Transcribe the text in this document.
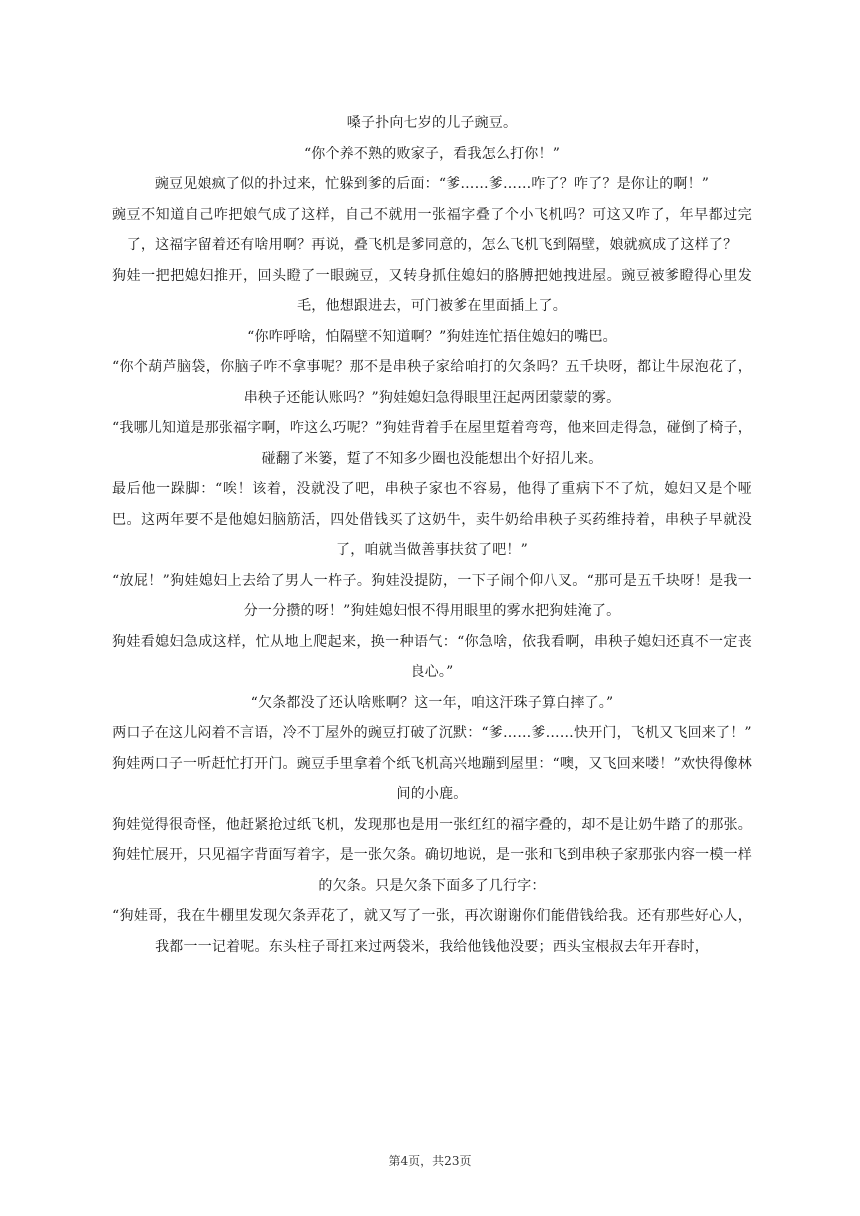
嗓子扑向七岁的儿子豌豆。

“你个养不熟的败家子，看我怎么打你！”

豌豆见娘疯了似的扑过来，忙躲到爹的后面：“爹……爹……咋了？咋了？是你让的啊！”

豌豆不知道自己咋把娘气成了这样，自己不就用一张福字叠了个小飞机吗？可这又咋了，年早都过完了，这福字留着还有啥用啊？再说，叠飞机是爹同意的，怎么飞机飞到隔壁，娘就疯成了这样了？

狗娃一把把媳妇推开，回头瞪了一眼豌豆，又转身抓住媳妇的胳膊把她拽进屋。豌豆被爹瞪得心里发毛，他想跟进去，可门被爹在里面插上了。

“你咋呼啥，怕隔壁不知道啊？”狗娃连忙捂住媳妇的嘴巴。

“你个葫芦脑袋，你脑子咋不拿事呢？那不是串秧子家给咱打的欠条吗？五千块呀，都让牛尿泡花了，串秧子还能认账吗？”狗娃媳妇急得眼里汪起两团蒙蒙的雾。

“我哪儿知道是那张福字啊，咋这么巧呢？”狗娃背着手在屋里踅着弯弯，他来回走得急，碰倒了椅子，碰翻了米篓，踅了不知多少圈也没能想出个好招儿来。

最后他一跺脚：“唉！该着，没就没了吧，串秧子家也不容易，他得了重病下不了炕，媳妇又是个哑巴。这两年要不是他媳妇脑筋活，四处借钱买了这奶牛，卖牛奶给串秧子买药维持着，串秧子早就没了，咱就当做善事扶贫了吧！”

“放屁！”狗娃媳妇上去给了男人一杵子。狗娃没提防，一下子闹个仰八叉。“那可是五千块呀！是我一分一分攒的呀！”狗娃媳妇恨不得用眼里的雾水把狗娃淹了。

狗娃看媳妇急成这样，忙从地上爬起来，换一种语气：“你急啥，依我看啊，串秧子媳妇还真不一定丧良心。”

“欠条都没了还认啥账啊？这一年，咱这汗珠子算白摔了。”

两口子在这儿闷着不言语，冷不丁屋外的豌豆打破了沉默：“爹……爹……快开门，飞机又飞回来了！”

狗娃两口子一听赶忙打开门。豌豆手里拿着个纸飞机高兴地蹦到屋里：“噢，又飞回来喽！”欢快得像林间的小鹿。

狗娃觉得很奇怪，他赶紧抢过纸飞机，发现那也是用一张红红的福字叠的，却不是让奶牛踏了的那张。狗娃忙展开，只见福字背面写着字，是一张欠条。确切地说，是一张和飞到串秧子家那张内容一模一样的欠条。只是欠条下面多了几行字：

“狗娃哥，我在牛棚里发现欠条弄花了，就又写了一张，再次谢谢你们能借钱给我。还有那些好心人，我都一一记着呢。东头柱子哥扛来过两袋米，我给他钱他没要；西头宝根叔去年开春时，

第4页，共23页
